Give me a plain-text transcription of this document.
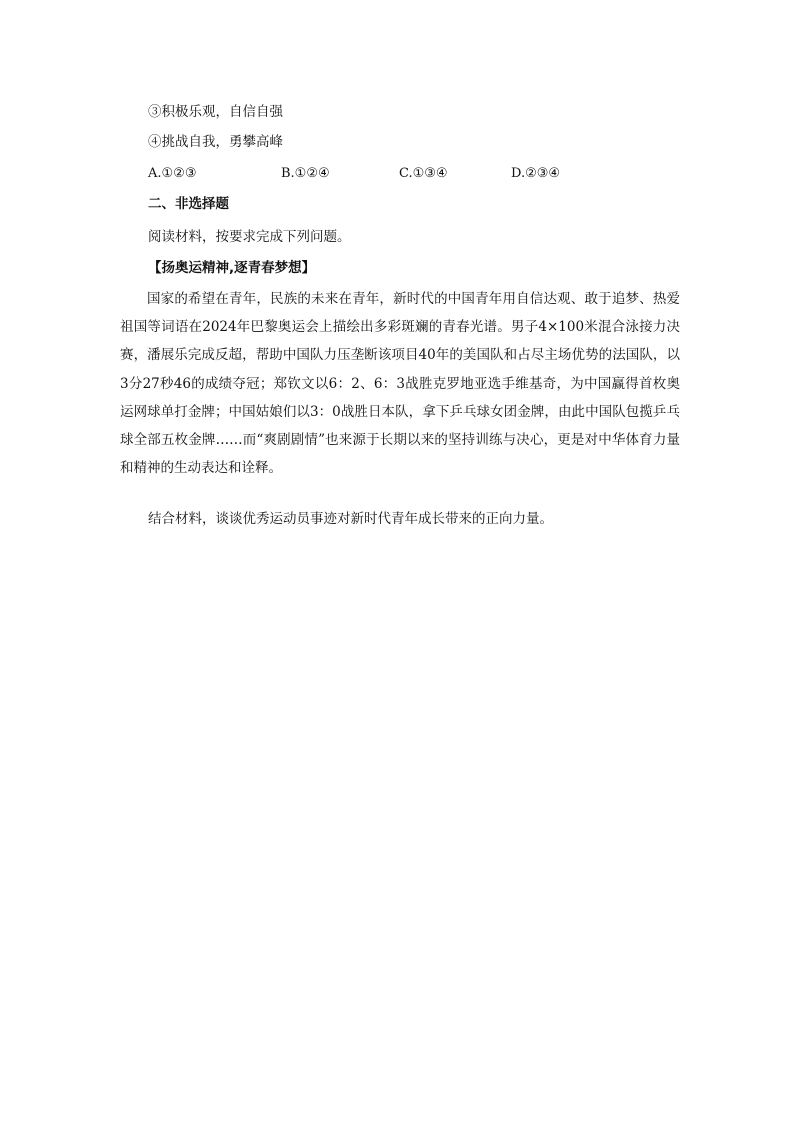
③积极乐观，自信自强
④挑战自我，勇攀高峰
A.①②③	B.①②④	C.①③④	D.②③④
二、非选择题
阅读材料，按要求完成下列问题。
【扬奥运精神,逐青春梦想】
国家的希望在青年，民族的未来在青年，新时代的中国青年用自信达观、敢于追梦、热爱祖国等词语在2024年巴黎奥运会上描绘出多彩斑斓的青春光谱。男子4×100米混合泳接力决赛，潘展乐完成反超，帮助中国队力压垄断该项目40年的美国队和占尽主场优势的法国队，以3分27秒46的成绩夺冠；郑钦文以6：2、6：3战胜克罗地亚选手维基奇，为中国赢得首枚奥运网球单打金牌；中国姑娘们以3：0战胜日本队，拿下乒乓球女团金牌，由此中国队包揽乒乓球全部五枚金牌……而“爽剧剧情”也来源于长期以来的坚持训练与决心，更是对中华体育力量和精神的生动表达和诠释。
结合材料，谈谈优秀运动员事迹对新时代青年成长带来的正向力量。
